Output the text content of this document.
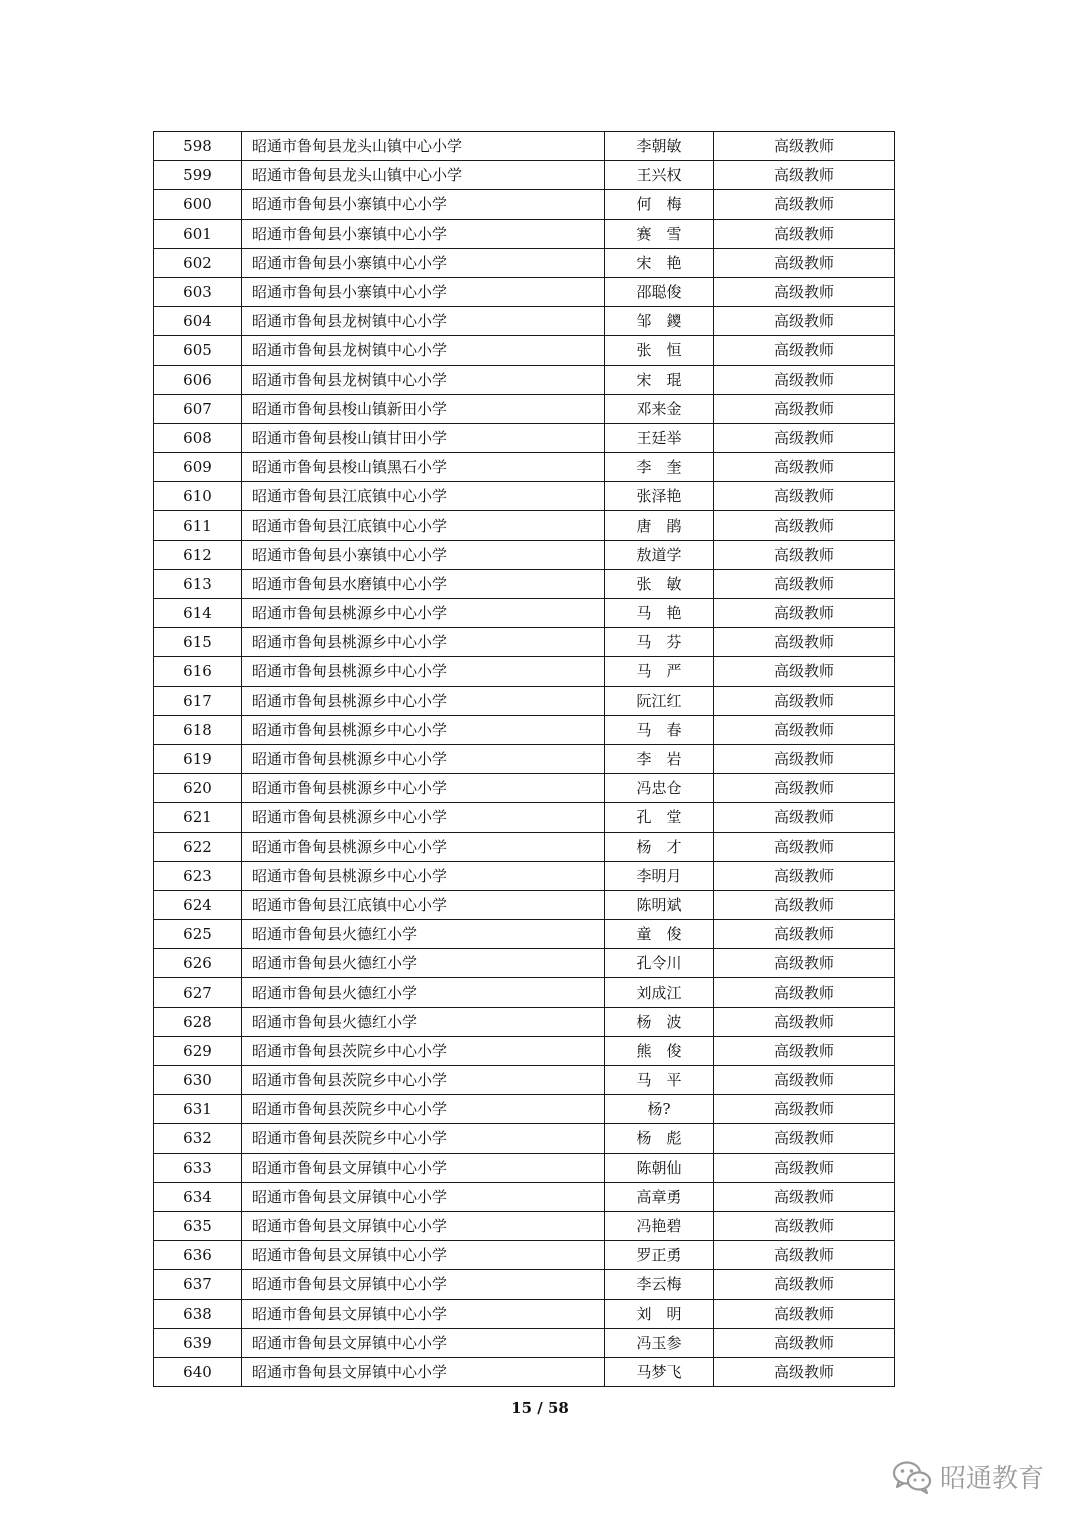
598	昭通市鲁甸县龙头山镇中心小学	李朝敏	高级教师
599	昭通市鲁甸县龙头山镇中心小学	王兴权	高级教师
600	昭通市鲁甸县小寨镇中心小学	何　梅	高级教师
601	昭通市鲁甸县小寨镇中心小学	赛　雪	高级教师
602	昭通市鲁甸县小寨镇中心小学	宋　艳	高级教师
603	昭通市鲁甸县小寨镇中心小学	邵聪俊	高级教师
604	昭通市鲁甸县龙树镇中心小学	邹　鑁	高级教师
605	昭通市鲁甸县龙树镇中心小学	张　恒	高级教师
606	昭通市鲁甸县龙树镇中心小学	宋　琨	高级教师
607	昭通市鲁甸县梭山镇新田小学	邓来金	高级教师
608	昭通市鲁甸县梭山镇甘田小学	王廷举	高级教师
609	昭通市鲁甸县梭山镇黑石小学	李　奎	高级教师
610	昭通市鲁甸县江底镇中心小学	张泽艳	高级教师
611	昭通市鲁甸县江底镇中心小学	唐　鹃	高级教师
612	昭通市鲁甸县小寨镇中心小学	敖道学	高级教师
613	昭通市鲁甸县水磨镇中心小学	张　敏	高级教师
614	昭通市鲁甸县桃源乡中心小学	马　艳	高级教师
615	昭通市鲁甸县桃源乡中心小学	马　芬	高级教师
616	昭通市鲁甸县桃源乡中心小学	马　严	高级教师
617	昭通市鲁甸县桃源乡中心小学	阮江红	高级教师
618	昭通市鲁甸县桃源乡中心小学	马　春	高级教师
619	昭通市鲁甸县桃源乡中心小学	李　岩	高级教师
620	昭通市鲁甸县桃源乡中心小学	冯忠仓	高级教师
621	昭通市鲁甸县桃源乡中心小学	孔　堂	高级教师
622	昭通市鲁甸县桃源乡中心小学	杨　才	高级教师
623	昭通市鲁甸县桃源乡中心小学	李明月	高级教师
624	昭通市鲁甸县江底镇中心小学	陈明斌	高级教师
625	昭通市鲁甸县火德红小学	童　俊	高级教师
626	昭通市鲁甸县火德红小学	孔令川	高级教师
627	昭通市鲁甸县火德红小学	刘成江	高级教师
628	昭通市鲁甸县火德红小学	杨　波	高级教师
629	昭通市鲁甸县茨院乡中心小学	熊　俊	高级教师
630	昭通市鲁甸县茨院乡中心小学	马　平	高级教师
631	昭通市鲁甸县茨院乡中心小学	杨?	高级教师
632	昭通市鲁甸县茨院乡中心小学	杨　彪	高级教师
633	昭通市鲁甸县文屏镇中心小学	陈朝仙	高级教师
634	昭通市鲁甸县文屏镇中心小学	高章勇	高级教师
635	昭通市鲁甸县文屏镇中心小学	冯艳碧	高级教师
636	昭通市鲁甸县文屏镇中心小学	罗正勇	高级教师
637	昭通市鲁甸县文屏镇中心小学	李云梅	高级教师
638	昭通市鲁甸县文屏镇中心小学	刘　明	高级教师
639	昭通市鲁甸县文屏镇中心小学	冯玉参	高级教师
640	昭通市鲁甸县文屏镇中心小学	马梦飞	高级教师
15 / 58
昭通教育
